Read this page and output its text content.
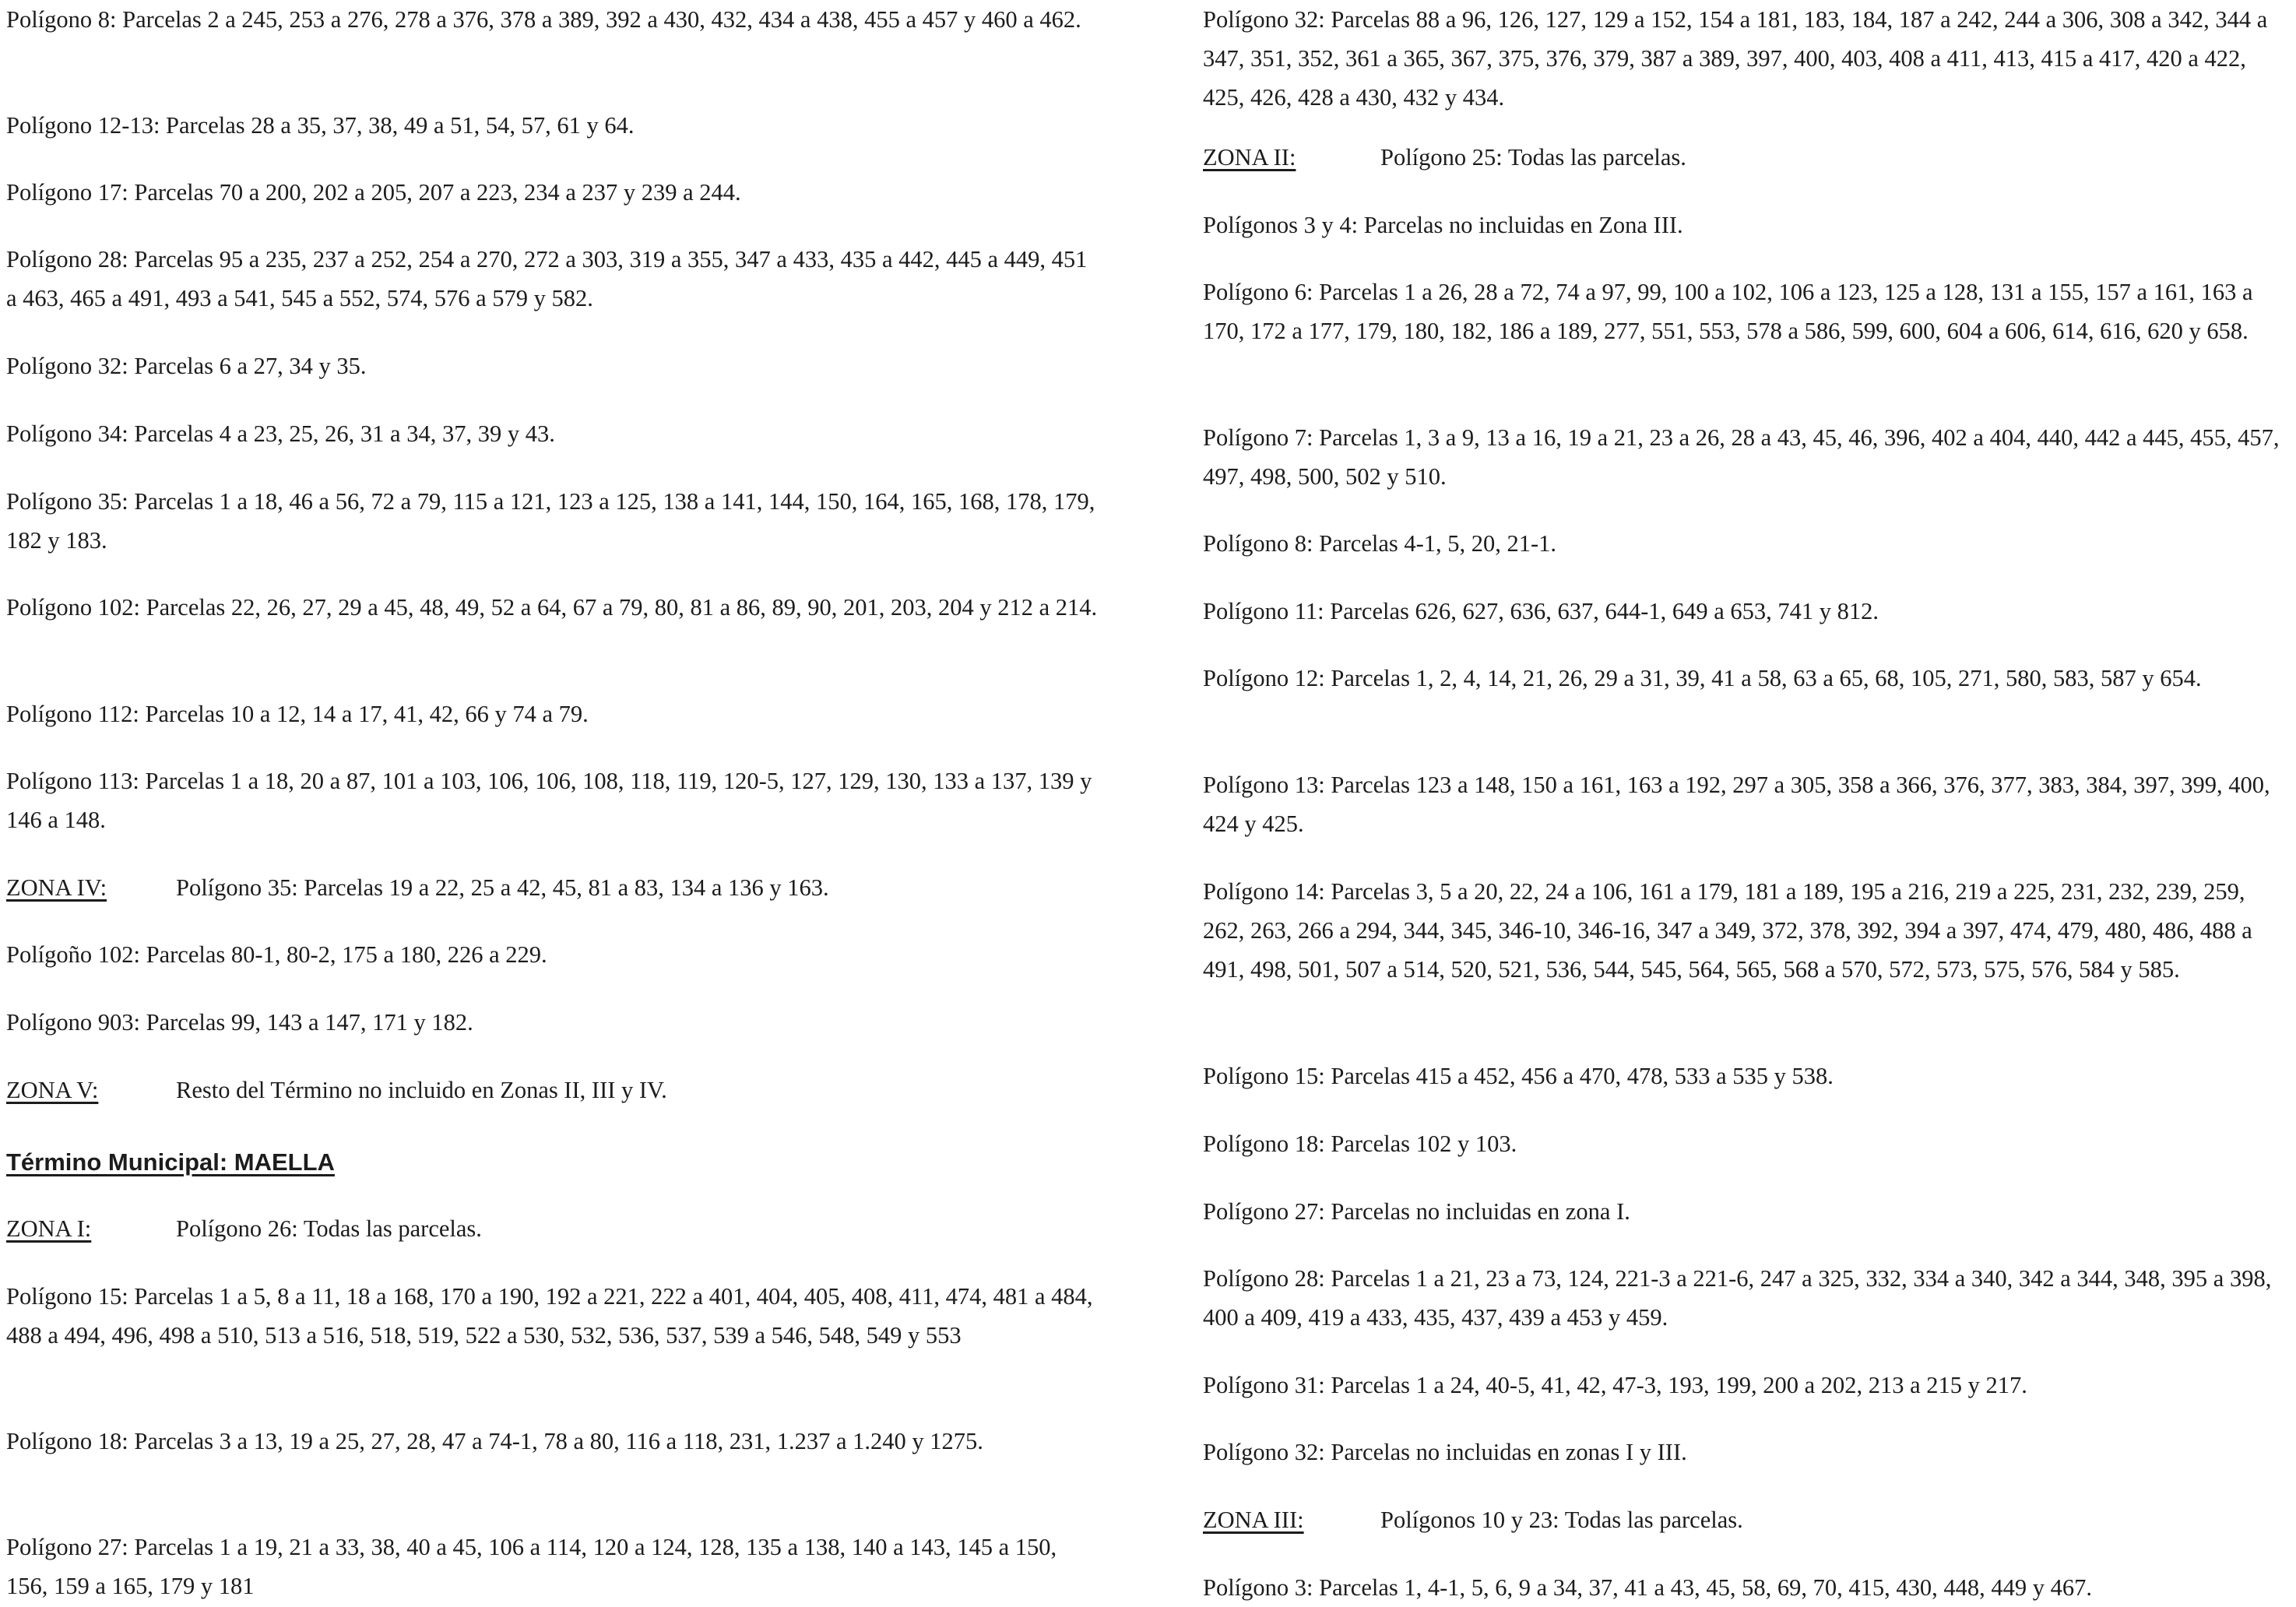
Polígono 8: Parcelas 2 a 245, 253 a 276, 278 a 376, 378 a 389, 392 a 430, 432, 434 a 438, 455 a 457 y 460 a 462.

Polígono 12-13: Parcelas 28 a 35, 37, 38, 49 a 51, 54, 57, 61 y 64.

Polígono 17: Parcelas 70 a 200, 202 a 205, 207 a 223, 234 a 237 y 239 a 244.

Polígono 28: Parcelas 95 a 235, 237 a 252, 254 a 270, 272 a 303, 319 a 355, 347 a 433, 435 a 442, 445 a 449, 451 a 463, 465 a 491, 493 a 541, 545 a 552, 574, 576 a 579 y 582.

Polígono 32: Parcelas 6 a 27, 34 y 35.

Polígono 34: Parcelas 4 a 23, 25, 26, 31 a 34, 37, 39 y 43.

Polígono 35: Parcelas 1 a 18, 46 a 56, 72 a 79, 115 a 121, 123 a 125, 138 a 141, 144, 150, 164, 165, 168, 178, 179, 182 y 183.

Polígono 102: Parcelas 22, 26, 27, 29 a 45, 48, 49, 52 a 64, 67 a 79, 80, 81 a 86, 89, 90, 201, 203, 204 y 212 a 214.

Polígono 112: Parcelas 10 a 12, 14 a 17, 41, 42, 66 y 74 a 79.

Polígono 113: Parcelas 1 a 18, 20 a 87, 101 a 103, 106, 106, 108, 118, 119, 120-5, 127, 129, 130, 133 a 137, 139 y 146 a 148.

ZONA IV:	Polígono 35: Parcelas 19 a 22, 25 a 42, 45, 81 a 83, 134 a 136 y 163.

Polígoño 102: Parcelas 80-1, 80-2, 175 a 180, 226 a 229.

Polígono 903: Parcelas 99, 143 a 147, 171 y 182.

ZONA V:	Resto del Término no incluido en Zonas II, III y IV.
Término Municipal: MAELLA
ZONA I:	Polígono 26: Todas las parcelas.

Polígono 15: Parcelas 1 a 5, 8 a 11, 18 a 168, 170 a 190, 192 a 221, 222 a 401, 404, 405, 408, 411, 474, 481 a 484, 488 a 494, 496, 498 a 510, 513 a 516, 518, 519, 522 a 530, 532, 536, 537, 539 a 546, 548, 549 y 553

Polígono 18: Parcelas 3 a 13, 19 a 25, 27, 28, 47 a 74-1, 78 a 80, 116 a 118, 231, 1.237 a 1.240 y 1275.

Polígono 27: Parcelas 1 a 19, 21 a 33, 38, 40 a 45, 106 a 114, 120 a 124, 128, 135 a 138, 140 a 143, 145 a 150, 156, 159 a 165, 179 y 181

Polígono 32: Parcelas 88 a 96, 126, 127, 129 a 152, 154 a 181, 183, 184, 187 a 242, 244 a 306, 308 a 342, 344 a 347, 351, 352, 361 a 365, 367, 375, 376, 379, 387 a 389, 397, 400, 403, 408 a 411, 413, 415 a 417, 420 a 422, 425, 426, 428 a 430, 432 y 434.

ZONA II:	Polígono 25: Todas las parcelas.

Polígonos 3 y 4: Parcelas no incluidas en Zona III.

Polígono 6: Parcelas 1 a 26, 28 a 72, 74 a 97, 99, 100 a 102, 106 a 123, 125 a 128, 131 a 155, 157 a 161, 163 a 170, 172 a 177, 179, 180, 182, 186 a 189, 277, 551, 553, 578 a 586, 599, 600, 604 a 606, 614, 616, 620 y 658.

Polígono 7: Parcelas 1, 3 a 9, 13 a 16, 19 a 21, 23 a 26, 28 a 43, 45, 46, 396, 402 a 404, 440, 442 a 445, 455, 457, 497, 498, 500, 502 y 510.

Polígono 8: Parcelas 4-1, 5, 20, 21-1.

Polígono 11: Parcelas 626, 627, 636, 637, 644-1, 649 a 653, 741 y 812.

Polígono 12: Parcelas 1, 2, 4, 14, 21, 26, 29 a 31, 39, 41 a 58, 63 a 65, 68, 105, 271, 580, 583, 587 y 654.

Polígono 13: Parcelas 123 a 148, 150 a 161, 163 a 192, 297 a 305, 358 a 366, 376, 377, 383, 384, 397, 399, 400, 424 y 425.

Polígono 14: Parcelas 3, 5 a 20, 22, 24 a 106, 161 a 179, 181 a 189, 195 a 216, 219 a 225, 231, 232, 239, 259, 262, 263, 266 a 294, 344, 345, 346-10, 346-16, 347 a 349, 372, 378, 392, 394 a 397, 474, 479, 480, 486, 488 a 491, 498, 501, 507 a 514, 520, 521, 536, 544, 545, 564, 565, 568 a 570, 572, 573, 575, 576, 584 y 585.

Polígono 15: Parcelas 415 a 452, 456 a 470, 478, 533 a 535 y 538.

Polígono 18: Parcelas 102 y 103.

Polígono 27: Parcelas no incluidas en zona I.

Polígono 28: Parcelas 1 a 21, 23 a 73, 124, 221-3 a 221-6, 247 a 325, 332, 334 a 340, 342 a 344, 348, 395 a 398, 400 a 409, 419 a 433, 435, 437, 439 a 453 y 459.

Polígono 31: Parcelas 1 a 24, 40-5, 41, 42, 47-3, 193, 199, 200 a 202, 213 a 215 y 217.

Polígono 32: Parcelas no incluidas en zonas I y III.

ZONA III:	Polígonos 10 y 23: Todas las parcelas.

Polígono 3: Parcelas 1, 4-1, 5, 6, 9 a 34, 37, 41 a 43, 45, 58, 69, 70, 415, 430, 448, 449 y 467.
